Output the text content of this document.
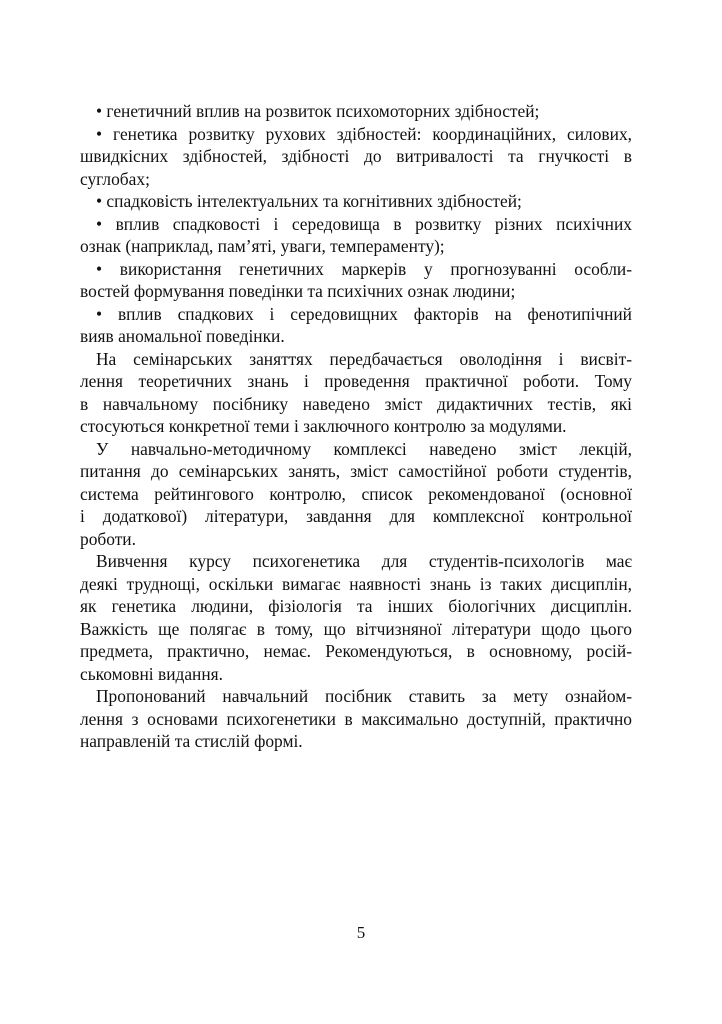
• генетичний вплив на розвиток психомоторних здібностей;
• генетика розвитку рухових здібностей: координаційних, силових,
швидкісних здібностей, здібності до витривалості та гнучкості в
суглобах;
• спадковість інтелектуальних та когнітивних здібностей;
• вплив спадковості і середовища в розвитку різних психічних
ознак (наприклад, пам’яті, уваги, темпераменту);
• використання генетичних маркерів у прогнозуванні особли-
востей формування поведінки та психічних ознак людини;
• вплив спадкових і середовищних факторів на фенотипічний
вияв аномальної поведінки.
На семінарських заняттях передбачається оволодіння і висвіт-
лення теоретичних знань і проведення практичної роботи. Тому
в навчальному посібнику наведено зміст дидактичних тестів, які
стосуються конкретної теми і заключного контролю за модулями.
У навчально-методичному комплексі наведено зміст лекцій,
питання до семінарських занять, зміст самостійної роботи студентів,
система рейтингового контролю, список рекомендованої (основної
і додаткової) літератури, завдання для комплексної контрольної
роботи.
Вивчення курсу психогенетика для студентів-психологів має
деякі труднощі, оскільки вимагає наявності знань із таких дисциплін,
як генетика людини, фізіологія та інших біологічних дисциплін.
Важкість ще полягає в тому, що вітчизняної літератури щодо цього
предмета, практично, немає. Рекомендуються, в основному, росій-
ськомовні видання.
Пропонований навчальний посібник ставить за мету ознайом-
лення з основами психогенетики в максимально доступній, практично
направленій та стислій формі.
5
